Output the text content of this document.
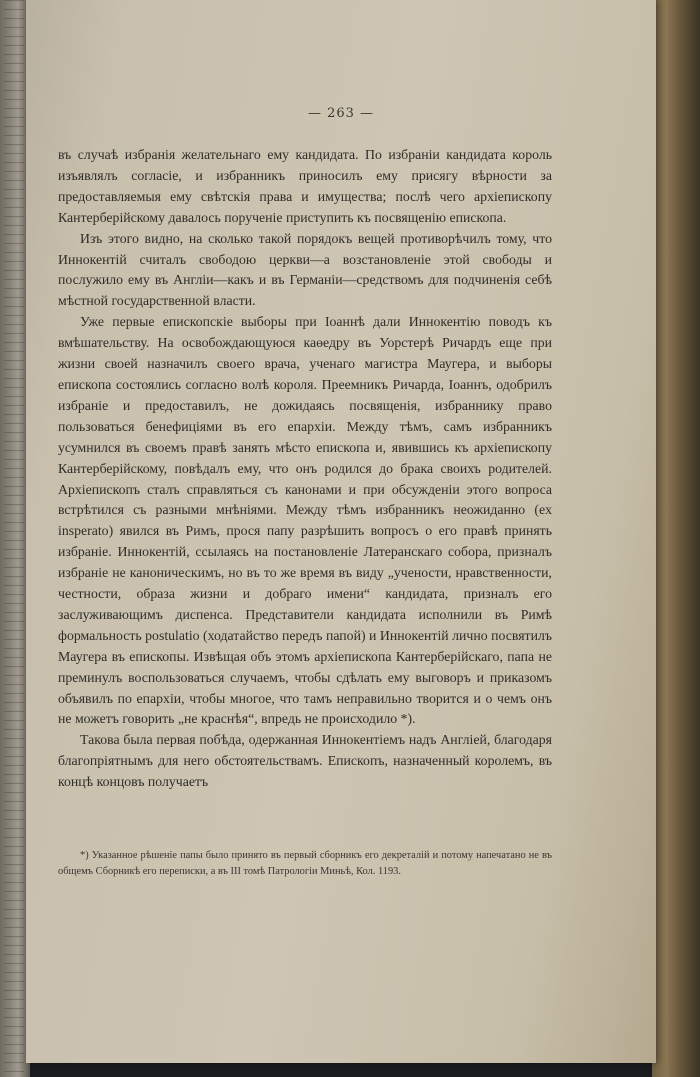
— 263 —

въ случаѣ избранія желательнаго ему кандидата. По избраніи кандидата король изъявлялъ согласіе, и избранникъ приносилъ ему присягу вѣрности за предоставляемыя ему свѣтскія права и имущества; послѣ чего архіепископу Кантерберійскому давалось порученіе приступить къ посвященію епископа.

Изъ этого видно, на сколько такой порядокъ вещей противорѣчилъ тому, что Иннокентій считалъ свободою церкви—а возстановленіе этой свободы и послужило ему въ Англіи—какъ и въ Германіи—средствомъ для подчиненія себѣ мѣстной государственной власти.

Уже первые епископскіе выборы при Іоаннѣ дали Иннокентію поводъ къ вмѣшательству. На освобождающуюся каѳедру въ Уорстерѣ Ричардъ еще при жизни своей назначилъ своего врача, ученаго магистра Маугера, и выборы епископа состоялись согласно волѣ короля. Преемникъ Ричарда, Іоаннъ, одобрилъ избраніе и предоставилъ, не дожидаясь посвященія, избраннику право пользоваться бенефиціями въ его епархіи. Между тѣмъ, самъ избранникъ усумнился въ своемъ правѣ занять мѣсто епископа и, явившись къ архіепископу Кантерберійскому, повѣдалъ ему, что онъ родился до брака своихъ родителей. Архіепископъ сталъ справляться съ канонами и при обсужденіи этого вопроса встрѣтился съ разными мнѣніями. Между тѣмъ избранникъ неожиданно (ex insperato) явился въ Римъ, прося папу разрѣшить вопросъ о его правѣ принять избраніе. Иннокентій, ссылаясь на постановленіе Латеранскаго собора, призналъ избраніе не каноническимъ, но въ то же время въ виду „учености, нравственности, честности, образа жизни и добраго имени“ кандидата, призналъ его заслуживающимъ диспенса. Представители кандидата исполнили въ Римѣ формальность postulatio (ходатайство передъ папой) и Иннокентій лично посвятилъ Маугера въ епископы. Извѣщая объ этомъ архіепископа Кантерберійскаго, папа не преминулъ воспользоваться случаемъ, чтобы сдѣлать ему выговоръ и приказомъ объявилъ по епархіи, чтобы многое, что тамъ неправильно творится и о чемъ онъ не можетъ говорить „не краснѣя“, впредь не происходило *).

Такова была первая побѣда, одержанная Иннокентіемъ надъ Англіей, благодаря благопріятнымъ для него обстоятельствамъ. Епископъ, назначенный королемъ, въ концѣ концовъ получаетъ

*) Указанное рѣшеніе папы было принято въ первый сборникъ его декреталій и потому напечатано не въ общемъ Сборникѣ его переписки, а въ III томѣ Патрологіи Миньѣ, Кол. 1193.
